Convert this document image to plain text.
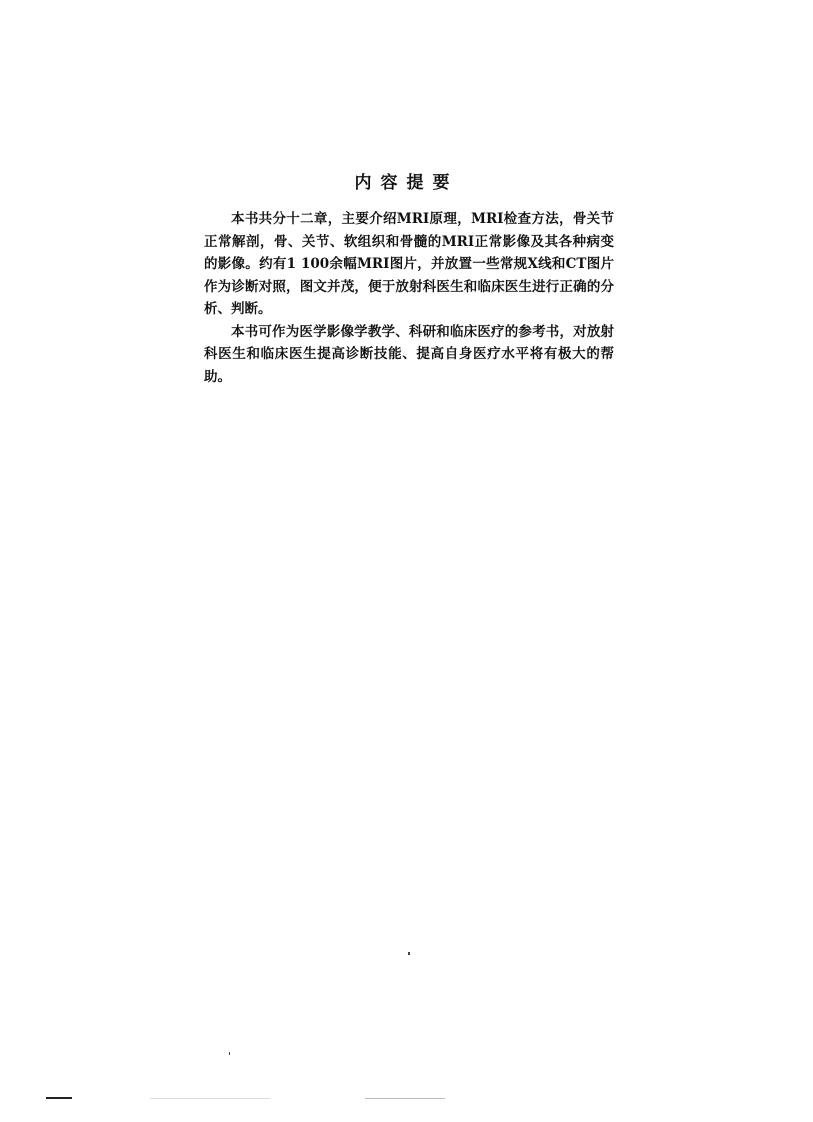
内容提要

本书共分十二章，主要介绍MRI原理，MRI检查方法，骨关节正常解剖，骨、关节、软组织和骨髓的MRI正常影像及其各种病变的影像。约有1 100余幅MRI图片，并放置一些常规X线和CT图片作为诊断对照，图文并茂，便于放射科医生和临床医生进行正确的分析、判断。

本书可作为医学影像学教学、科研和临床医疗的参考书，对放射科医生和临床医生提高诊断技能、提高自身医疗水平将有极大的帮助。
